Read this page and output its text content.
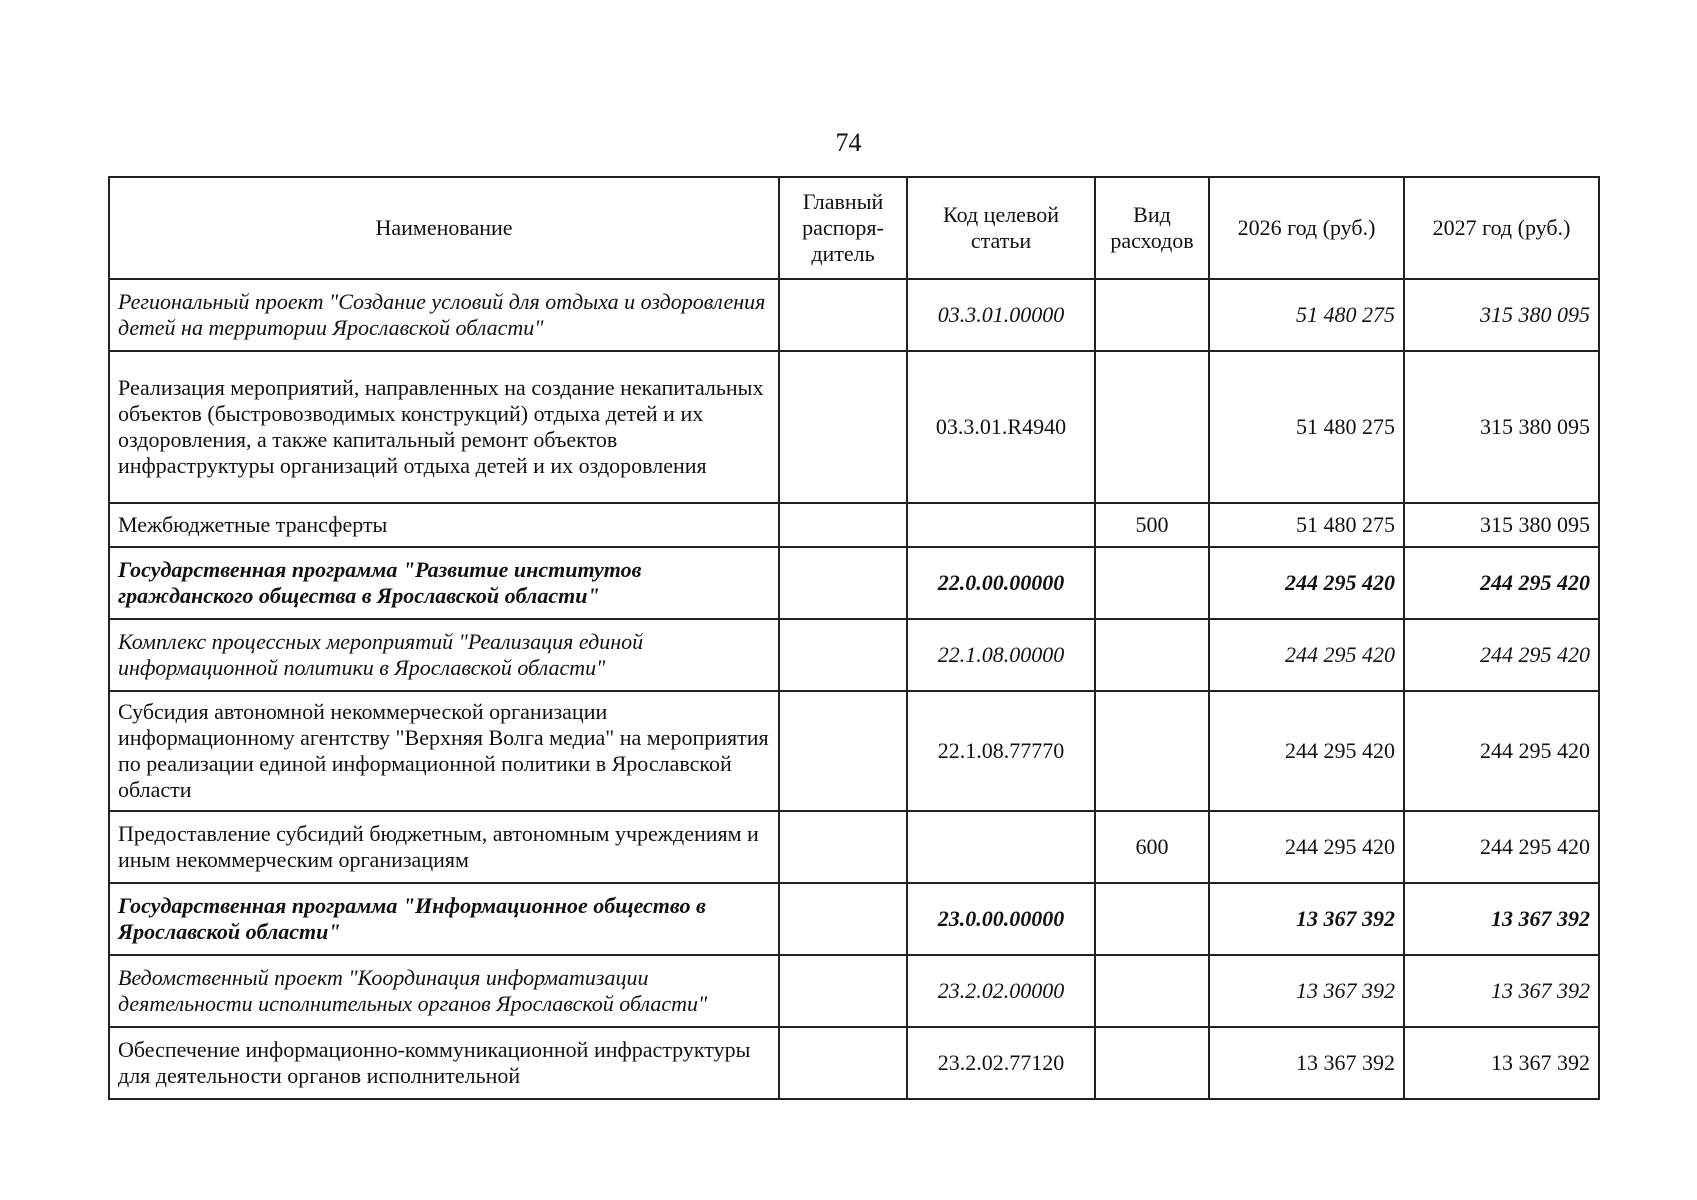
74
Наименование	Главный распоря-дитель	Код целевой статьи	Вид расходов	2026 год (руб.)	2027 год (руб.)
Региональный проект "Создание условий для отдыха и оздоровления детей на территории Ярославской области"		03.3.01.00000		51 480 275	315 380 095
Реализация мероприятий, направленных на создание некапитальных объектов (быстровозводимых конструкций) отдыха детей и их оздоровления, а также капитальный ремонт объектов инфраструктуры организаций отдыха детей и их оздоровления		03.3.01.R4940		51 480 275	315 380 095
Межбюджетные трансферты			500	51 480 275	315 380 095
Государственная программа "Развитие институтов гражданского общества в Ярославской области"		22.0.00.00000		244 295 420	244 295 420
Комплекс процессных мероприятий "Реализация единой информационной политики в Ярославской области"		22.1.08.00000		244 295 420	244 295 420
Субсидия автономной некоммерческой организации информационному агентству "Верхняя Волга медиа" на мероприятия по реализации единой информационной политики в Ярославской области		22.1.08.77770		244 295 420	244 295 420
Предоставление субсидий бюджетным, автономным учреждениям и иным некоммерческим организациям			600	244 295 420	244 295 420
Государственная программа "Информационное общество в Ярославской области"		23.0.00.00000		13 367 392	13 367 392
Ведомственный проект "Координация информатизации деятельности исполнительных органов Ярославской области"		23.2.02.00000		13 367 392	13 367 392
Обеспечение информационно-коммуникационной инфраструктуры для деятельности органов исполнительной		23.2.02.77120		13 367 392	13 367 392
